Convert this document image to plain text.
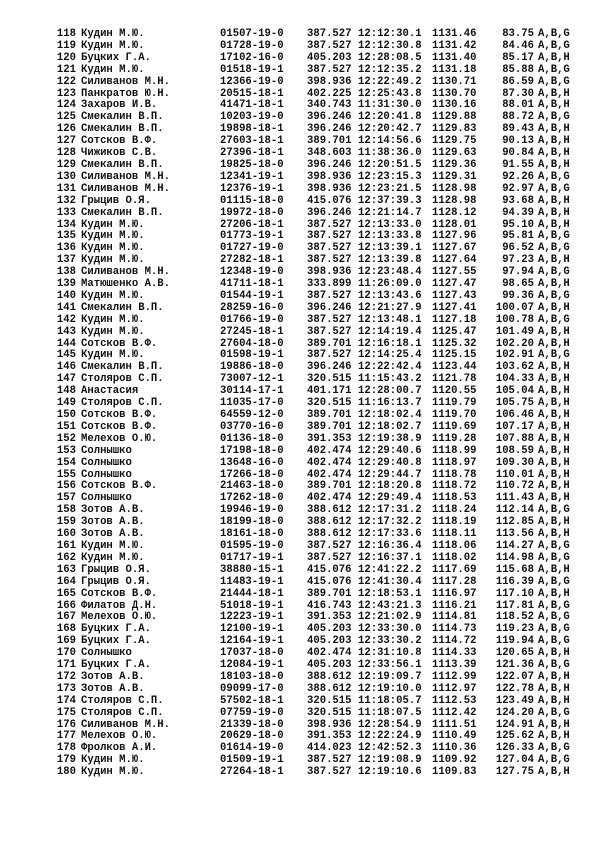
118 Кудин М.Ю.	01507-19-0 387.527 12:12:30.1 1131.46	83.75 A,B,G
119 Кудин М.Ю.	01728-19-0 387.527 12:12:30.8 1131.42	84.46 A,B,G
120 Буцких Г.А.	17102-16-0 405.203 12:28:08.5 1131.40	85.17 A,B,H
121 Кудин М.Ю.	01518-19-1 387.527 12:12:35.2 1131.18	85.88 A,B,G
122 Силиванов М.Н.	12366-19-0 398.936 12:22:49.2 1130.71	86.59 A,B,G
123 Панкратов Ю.Н.	20515-18-1 402.225 12:25:43.8 1130.70	87.30 A,B,H
124 Захаров И.В.	41471-18-1 340.743 11:31:30.0 1130.16	88.01 A,B,H
125 Смекалин В.П.	10203-19-0 396.246 12:20:41.8 1129.88	88.72 A,B,G
126 Смекалин В.П.	19898-18-1 396.246 12:20:42.7 1129.83	89.43 A,B,H
127 Сотсков В.Ф.	27603-18-1 389.701 12:14:56.6 1129.75	90.13 A,B,H
128 Чижиков С.В.	27396-18-1 348.603 11:38:36.0 1129.63	90.84 A,B,H
129 Смекалин В.П.	19825-18-0 396.246 12:20:51.5 1129.36	91.55 A,B,H
130 Силиванов М.Н.	12341-19-1 398.936 12:23:15.3 1129.31	92.26 A,B,G
131 Силиванов М.Н.	12376-19-1 398.936 12:23:21.5 1128.98	92.97 A,B,G
132 Грыцив О.Я.	01115-18-0 415.076 12:37:39.3 1128.98	93.68 A,B,H
133 Смекалин В.П.	19972-18-0 396.246 12:21:14.7 1128.12	94.39 A,B,H
134 Кудин М.Ю.	27206-18-1 387.527 12:13:33.0 1128.01	95.10 A,B,H
135 Кудин М.Ю.	01773-19-1 387.527 12:13:33.8 1127.96	95.81 A,B,G
136 Кудин М.Ю.	01727-19-0 387.527 12:13:39.1 1127.67	96.52 A,B,G
137 Кудин М.Ю.	27282-18-1 387.527 12:13:39.8 1127.64	97.23 A,B,H
138 Силиванов М.Н.	12348-19-0 398.936 12:23:48.4 1127.55	97.94 A,B,G
139 Матюшенко А.В.	41711-18-1 333.899 11:26:09.0 1127.47	98.65 A,B,H
140 Кудин М.Ю.	01544-19-1 387.527 12:13:43.6 1127.43	99.36 A,B,G
141 Смекалин В.П.	28259-16-0 396.246 12:21:27.9 1127.41	100.07 A,B,H
142 Кудин М.Ю.	01766-19-0 387.527 12:13:48.1 1127.18	100.78 A,B,G
143 Кудин М.Ю.	27245-18-1 387.527 12:14:19.4 1125.47	101.49 A,B,H
144 Сотсков В.Ф.	27604-18-0 389.701 12:16:18.1 1125.32	102.20 A,B,H
145 Кудин М.Ю.	01598-19-1 387.527 12:14:25.4 1125.15	102.91 A,B,G
146 Смекалин В.П.	19886-18-0 396.246 12:22:42.4 1123.44	103.62 A,B,H
147 Столяров С.П.	73007-12-1 320.515 11:15:43.2 1121.78	104.33 A,B,H
148 Анастасия	30114-17-1 401.171 12:28:00.7 1120.55	105.04 A,B,H
149 Столяров С.П.	11035-17-0 320.515 11:16:13.7 1119.79	105.75 A,B,H
150 Сотсков В.Ф.	64559-12-0 389.701 12:18:02.4 1119.70	106.46 A,B,H
151 Сотсков В.Ф.	03770-16-0 389.701 12:18:02.7 1119.69	107.17 A,B,H
152 Мелехов О.Ю.	01136-18-0 391.353 12:19:38.9 1119.28	107.88 A,B,H
153 Солнышко	17198-18-0 402.474 12:29:40.6 1118.99	108.59 A,B,H
154 Солнышко	13648-16-0 402.474 12:29:40.8 1118.97	109.30 A,B,H
155 Солнышко	17266-18-0 402.474 12:29:44.7 1118.78	110.01 A,B,H
156 Сотсков В.Ф.	21463-18-0 389.701 12:18:20.8 1118.72	110.72 A,B,H
157 Солнышко	17262-18-0 402.474 12:29:49.4 1118.53	111.43 A,B,H
158 Зотов А.В.	19946-19-0 388.612 12:17:31.2 1118.24	112.14 A,B,G
159 Зотов А.В.	18199-18-0 388.612 12:17:32.2 1118.19	112.85 A,B,H
160 Зотов А.В.	18161-18-0 388.612 12:17:33.6 1118.11	113.56 A,B,H
161 Кудин М.Ю.	01595-19-0 387.527 12:16:36.4 1118.06	114.27 A,B,G
162 Кудин М.Ю.	01717-19-1 387.527 12:16:37.1 1118.02	114.98 A,B,G
163 Грыцив О.Я.	38880-15-1 415.076 12:41:22.2 1117.69	115.68 A,B,H
164 Грыцив О.Я.	11483-19-1 415.076 12:41:30.4 1117.28	116.39 A,B,G
165 Сотсков В.Ф.	21444-18-1 389.701 12:18:53.1 1116.97	117.10 A,B,H
166 Филатов Д.Н.	51018-19-1 416.743 12:43:21.3 1116.21	117.81 A,B,G
167 Мелехов О.Ю.	12223-19-1 391.353 12:21:02.9 1114.81	118.52 A,B,G
168 Буцких Г.А.	12100-19-1 405.203 12:33:30.0 1114.73	119.23 A,B,G
169 Буцких Г.А.	12164-19-1 405.203 12:33:30.2 1114.72	119.94 A,B,G
170 Солнышко	17037-18-0 402.474 12:31:10.8 1114.33	120.65 A,B,H
171 Буцких Г.А.	12084-19-1 405.203 12:33:56.1 1113.39	121.36 A,B,G
172 Зотов А.В.	18103-18-0 388.612 12:19:09.7 1112.99	122.07 A,B,H
173 Зотов А.В.	09099-17-0 388.612 12:19:10.0 1112.97	122.78 A,B,H
174 Столяров С.П.	57502-18-1 320.515 11:18:05.7 1112.53	123.49 A,B,H
175 Столяров С.П.	07759-19-0 320.515 11:18:07.5 1112.42	124.20 A,B,G
176 Силиванов М.Н.	21339-18-0 398.936 12:28:54.9 1111.51	124.91 A,B,H
177 Мелехов О.Ю.	20629-18-0 391.353 12:22:24.9 1110.49	125.62 A,B,H
178 Фролков А.И.	01614-19-0 414.023 12:42:52.3 1110.36	126.33 A,B,G
179 Кудин М.Ю.	01509-19-1 387.527 12:19:08.9 1109.92	127.04 A,B,G
180 Кудин М.Ю.	27264-18-1 387.527 12:19:10.6 1109.83	127.75 A,B,H
